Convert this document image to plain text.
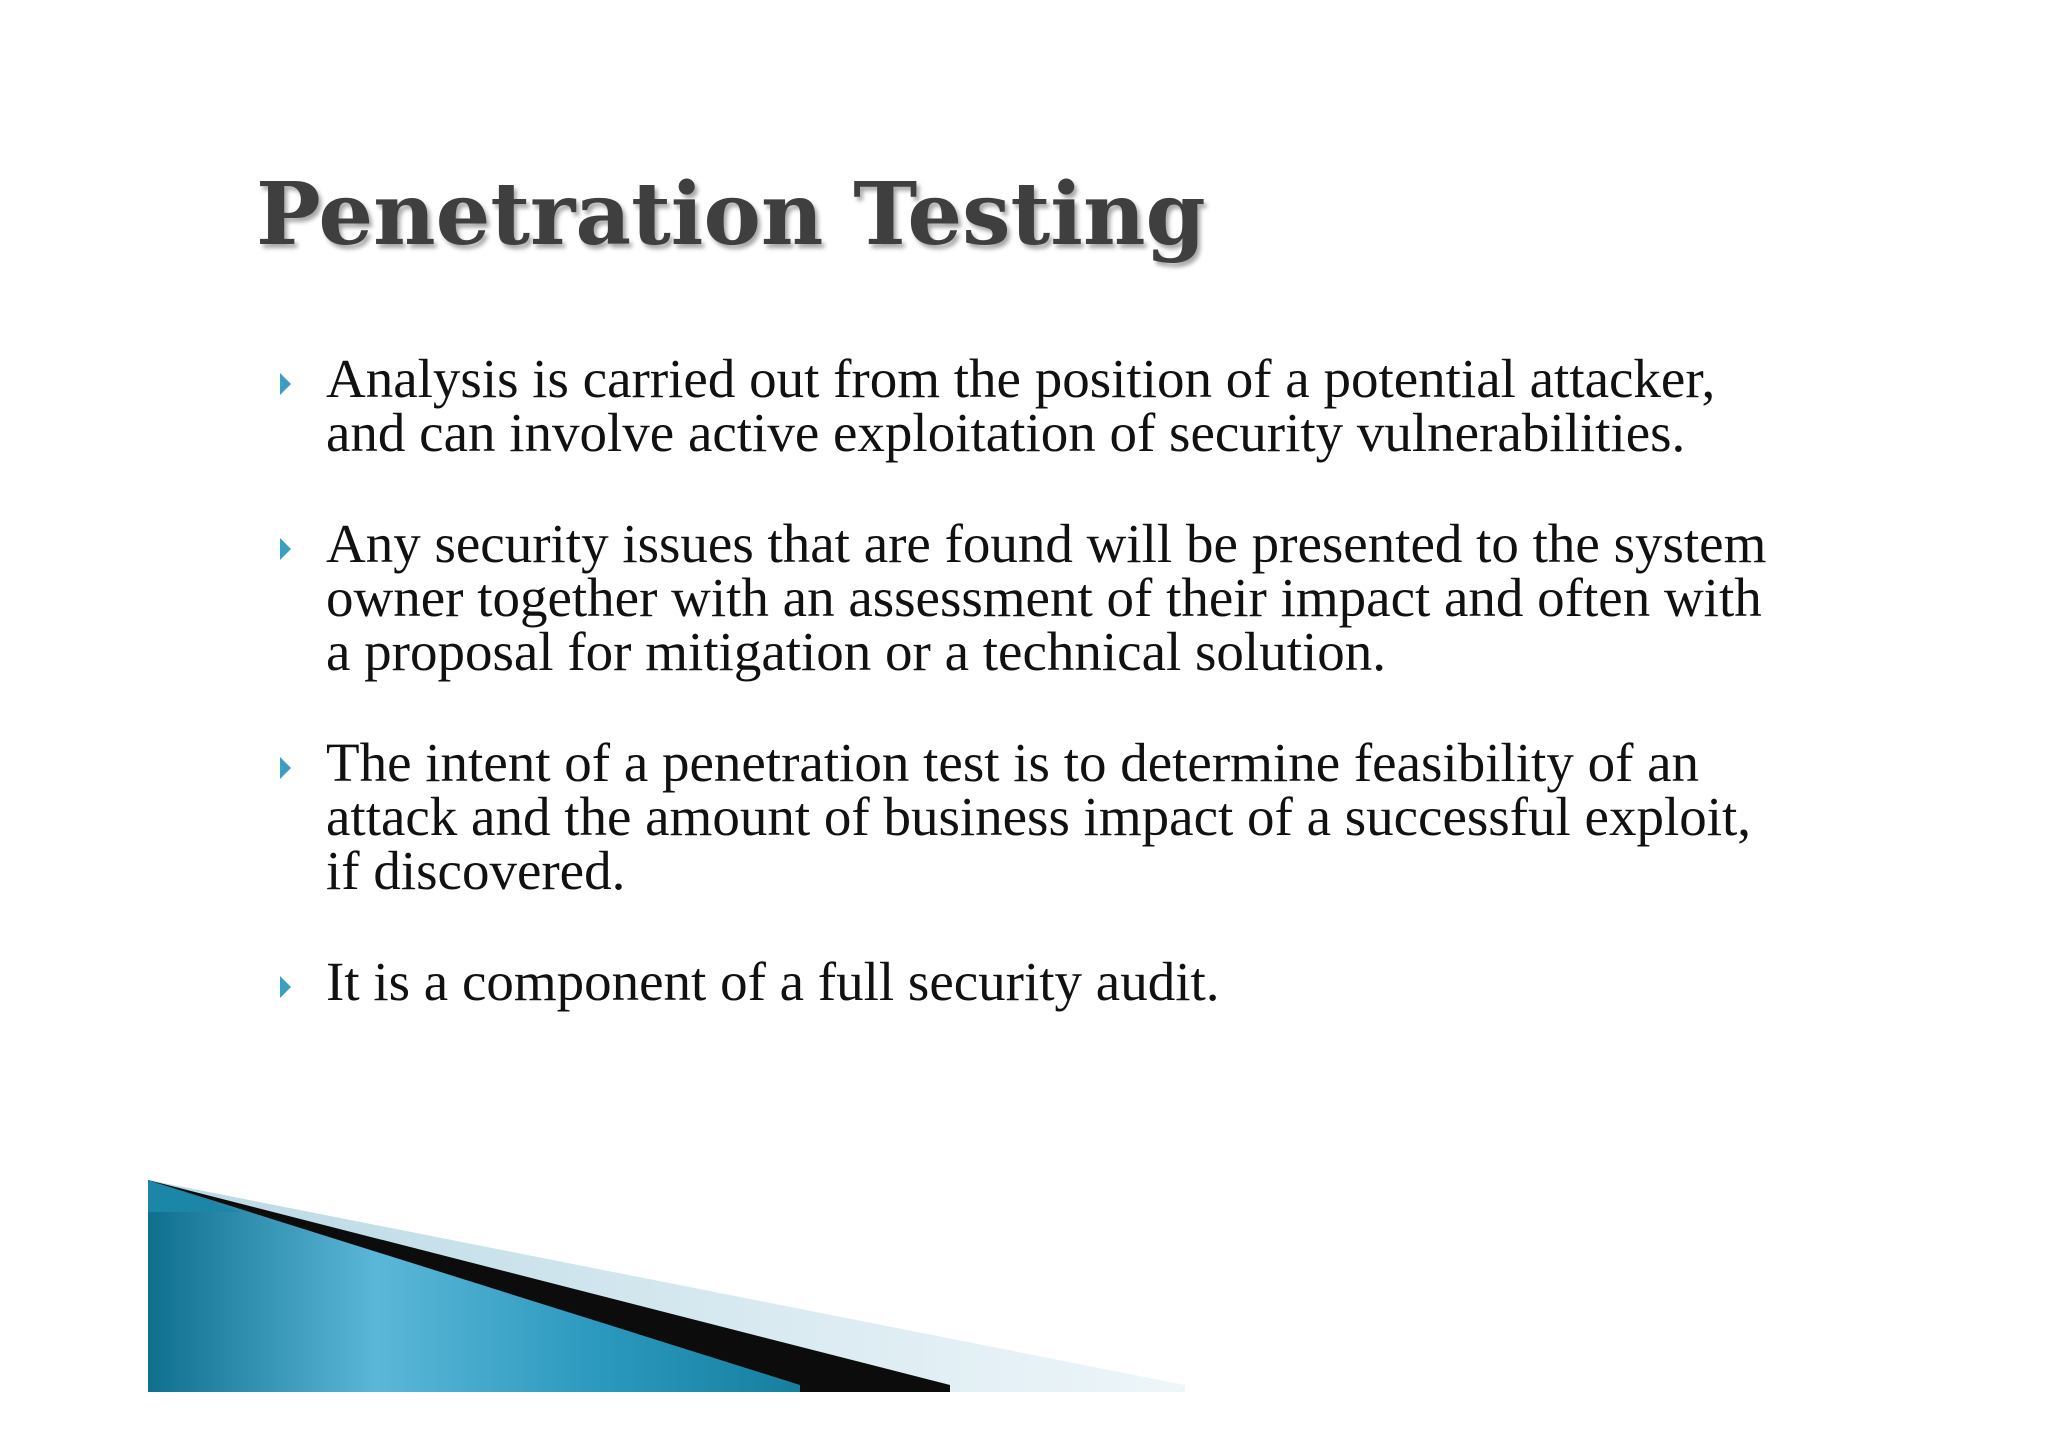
Penetration Testing
Analysis is carried out from the position of a potential attacker, and can involve active exploitation of security vulnerabilities.
Any security issues that are found will be presented to the system owner together with an assessment of their impact and often with a proposal for mitigation or a technical solution.
The intent of a penetration test is to determine feasibility of an attack and the amount of business impact of a successful exploit, if discovered.
It is a component of a full security audit.
